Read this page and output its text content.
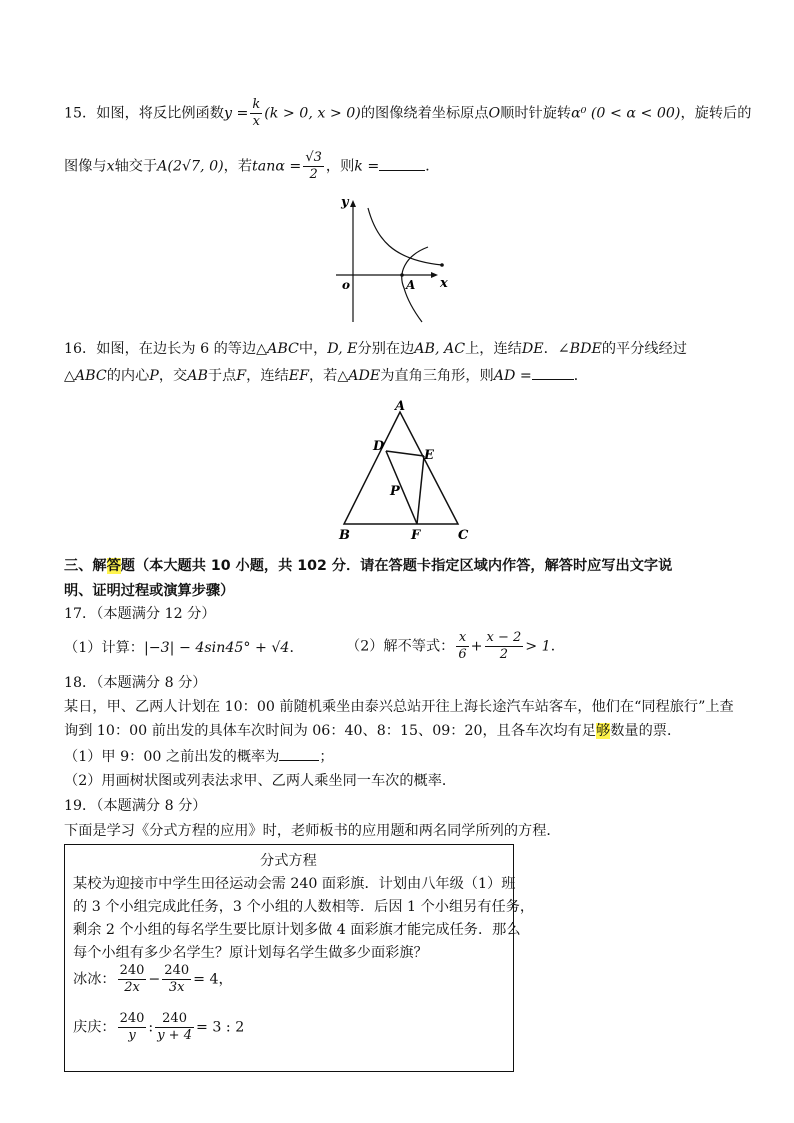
15．如图，将反比例函数$y = \frac{k}{x} (k > 0$, x > 0)的图像绕着坐标原点O顺时针旋转α⁰ (0 < α < 00)，旋转后的
图像与x轴交于A(2√7, 0)，若$\tan\alpha = \frac{√3}{2}$ ，则k =	．
y
x
o	A
16．如图，在边长为 6 的等边△ABC中，D, E分别在边AB, AC上，连结DE．∠BDE的平分线经过
△ABC的内心P，交AB于点F，连结EF，若△ADE为直角三角形，则AD =	．
A
D
E
P
B	F	C
三、解答题（本大题共 10 小题，共 102 分．请在答题卡指定区域内作答，解答时应写出文字说
明、证明过程或演算步骤）
17．（本题满分 12 分）
（1）计算：|−3| − 4sin45° + √4．	（2）解不等式： $\frac{x}{6} + \frac{x - 2}{2} > 1$．
18．（本题满分 8 分）
某日，甲、乙两人计划在 10：00 前随机乘坐由泰兴总站开往上海长途汽车站客车，他们在“同程旅行”上查
询到 10：00 前出发的具体车次时间为 06：40、8：15、09：20，且各车次均有足够数量的票．
（1）甲 9：00 之前出发的概率为	；
（2）用画树状图或列表法求甲、乙两人乘坐同一车次的概率．
19．（本题满分 8 分）
下面是学习《分式方程的应用》时，老师板书的应用题和两名同学所列的方程．
分式方程
某校为迎接市中学生田径运动会需 240 面彩旗．计划由八年级（1）班
的 3 个小组完成此任务，3 个小组的人数相等．后因 1 个小组另有任务，
剩余 2 个小组的每名学生要比原计划多做 4 面彩旗才能完成任务．那么
每个小组有多少名学生？原计划每名学生做多少面彩旗？
冰冰： $\frac{240}{2x} - \frac{240}{3x} = 4$，
庆庆： $\frac{240}{y}$ : $\frac{240}{y + 4} = 3$ : 2
